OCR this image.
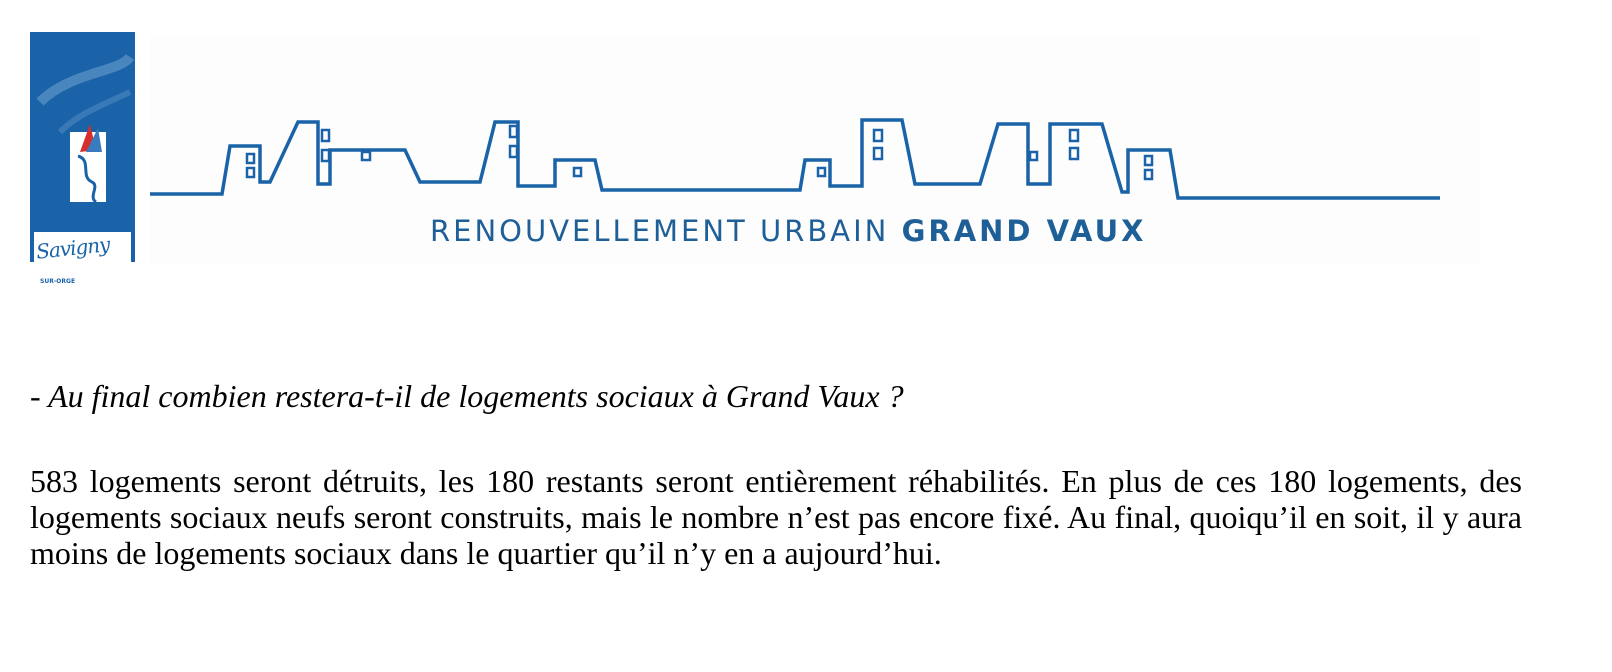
Savigny
SUR-ORGE
RENOUVELLEMENT URBAIN GRAND VAUX
- Au final combien restera-t-il de logements sociaux à Grand Vaux ?
583 logements seront détruits, les 180 restants seront entièrement réhabilités. En plus de ces 180 logements, des logements sociaux neufs seront construits, mais le nombre n’est pas encore fixé. Au final, quoiqu’il en soit, il y aura moins de logements sociaux dans le quartier qu’il n’y en a aujourd’hui.
